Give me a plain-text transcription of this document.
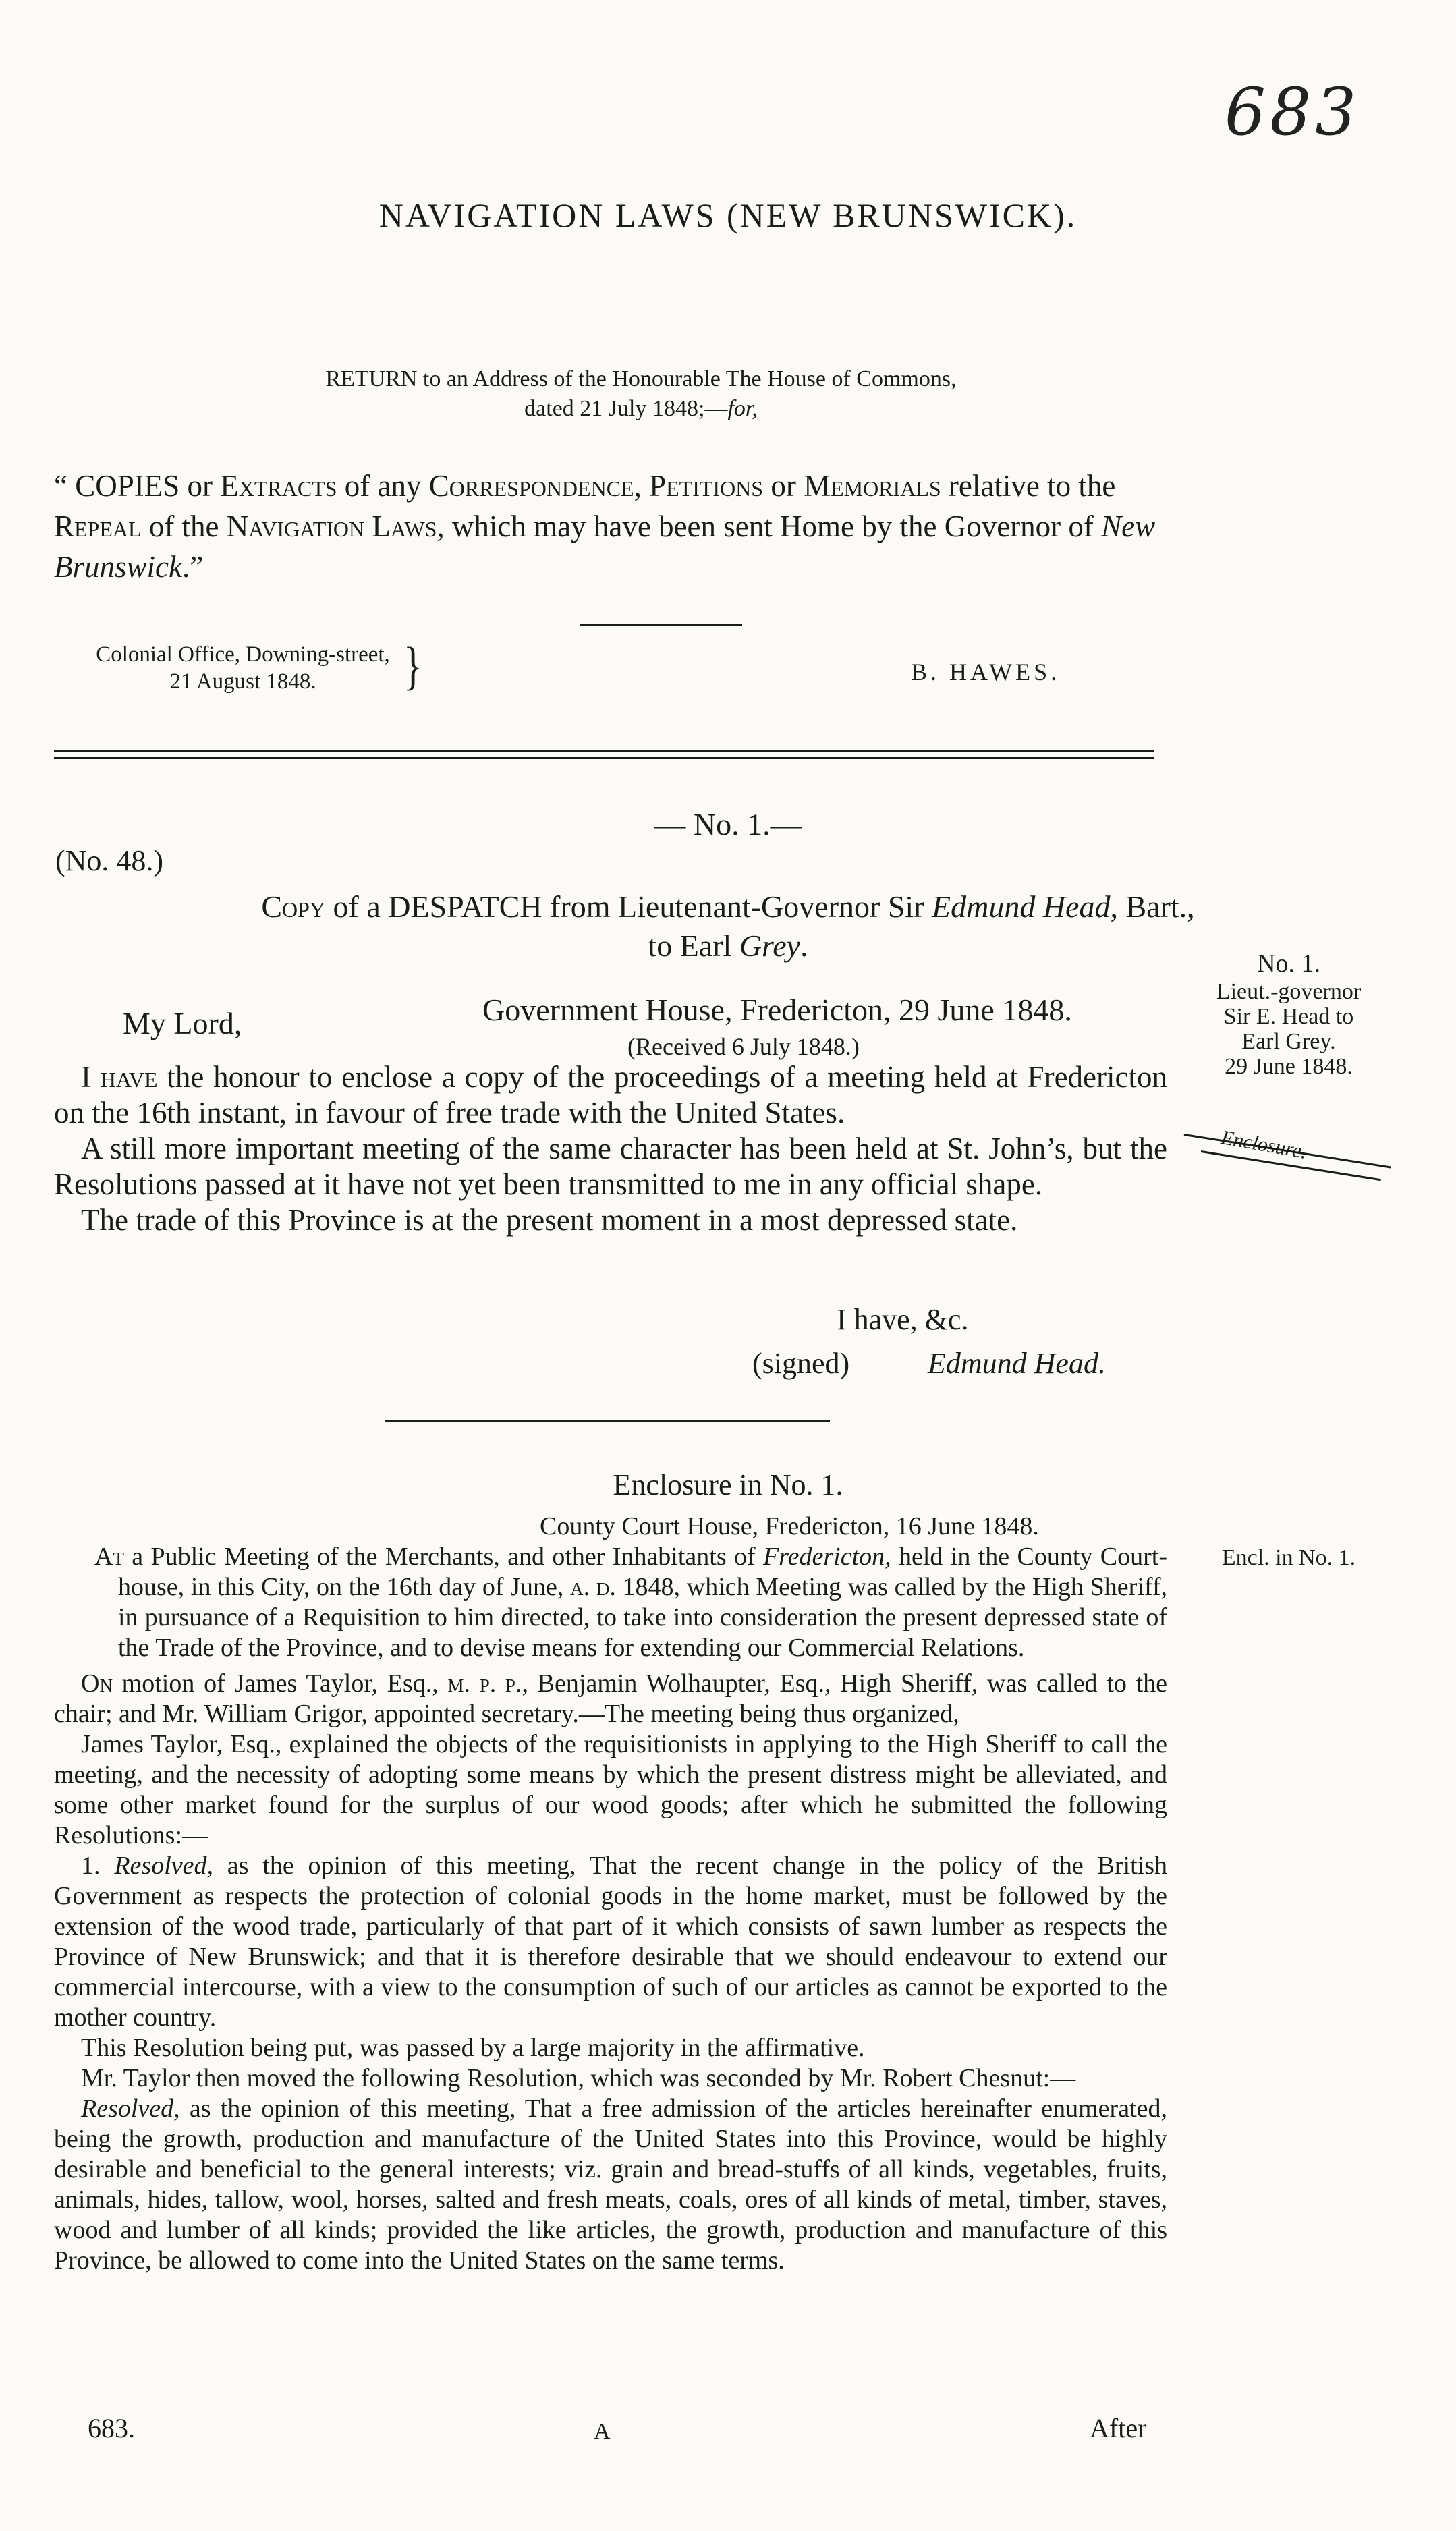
683
NAVIGATION LAWS (NEW BRUNSWICK).
RETURN to an Address of the Honourable The House of Commons,
dated 21 July 1848;—for,
“ COPIES or Extracts of any Correspondence, Petitions or Memorials relative to the Repeal of the Navigation Laws, which may have been sent Home by the Governor of New Brunswick.”
Colonial Office, Downing-street,
21 August 1848.	}	B. HAWES.
— No. 1.—
(No. 48.)
Copy of a DESPATCH from Lieutenant-Governor Sir Edmund Head, Bart.,
to Earl Grey.
My Lord,	Government House, Fredericton, 29 June 1848.
(Received 6 July 1848.)

I have the honour to enclose a copy of the proceedings of a meeting held at Fredericton on the 16th instant, in favour of free trade with the United States.

A still more important meeting of the same character has been held at St. John’s, but the Resolutions passed at it have not yet been transmitted to me in any official shape.

The trade of this Province is at the present moment in a most depressed state.

I have, &c.
(signed)	Edmund Head.
No. 1.
Lieut.-governor
Sir E. Head to
Earl Grey.
29 June 1848.
Enclosure.
Enclosure in No. 1.
County Court House, Fredericton, 16 June 1848.
Encl. in No. 1.

At a Public Meeting of the Merchants, and other Inhabitants of Fredericton, held in the County Court-house, in this City, on the 16th day of June, a. d. 1848, which Meeting was called by the High Sheriff, in pursuance of a Requisition to him directed, to take into consideration the present depressed state of the Trade of the Province, and to devise means for extending our Commercial Relations.

On motion of James Taylor, Esq., m. p. p., Benjamin Wolhaupter, Esq., High Sheriff, was called to the chair; and Mr. William Grigor, appointed secretary.—The meeting being thus organized,

James Taylor, Esq., explained the objects of the requisitionists in applying to the High Sheriff to call the meeting, and the necessity of adopting some means by which the present distress might be alleviated, and some other market found for the surplus of our wood goods; after which he submitted the following Resolutions:—

1. Resolved, as the opinion of this meeting, That the recent change in the policy of the British Government as respects the protection of colonial goods in the home market, must be followed by the extension of the wood trade, particularly of that part of it which consists of sawn lumber as respects the Province of New Brunswick; and that it is therefore desirable that we should endeavour to extend our commercial intercourse, with a view to the consumption of such of our articles as cannot be exported to the mother country.

This Resolution being put, was passed by a large majority in the affirmative.

Mr. Taylor then moved the following Resolution, which was seconded by Mr. Robert Chesnut:—

Resolved, as the opinion of this meeting, That a free admission of the articles hereinafter enumerated, being the growth, production and manufacture of the United States into this Province, would be highly desirable and beneficial to the general interests; viz. grain and bread-stuffs of all kinds, vegetables, fruits, animals, hides, tallow, wool, horses, salted and fresh meats, coals, ores of all kinds of metal, timber, staves, wood and lumber of all kinds; provided the like articles, the growth, production and manufacture of this Province, be allowed to come into the United States on the same terms.

683.	A	After
